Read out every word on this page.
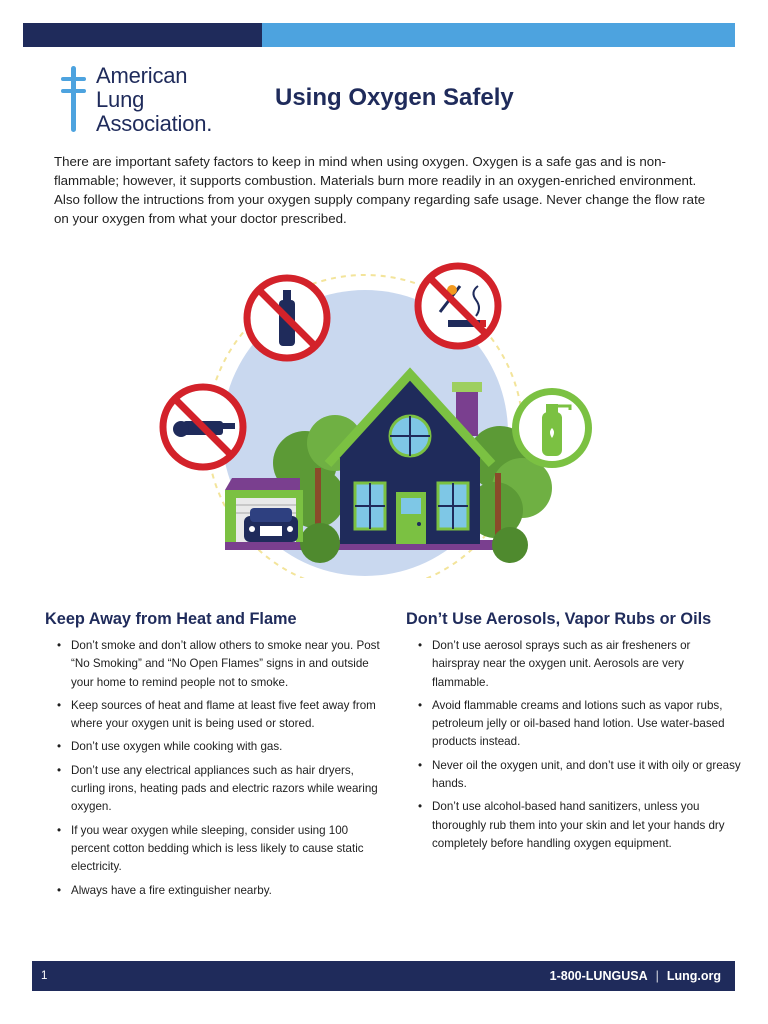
American
Lung
Association.
Using Oxygen Safely

There are important safety factors to keep in mind when using oxygen. Oxygen is a safe gas and is non-flammable; however, it supports combustion. Materials burn more readily in an oxygen-enriched environment. Also follow the intructions from your oxygen supply company regarding safe usage. Never change the flow rate on your oxygen from what your doctor prescribed.

Keep Away from Heat and Flame
• Don’t smoke and don’t allow others to smoke near you. Post “No Smoking” and “No Open Flames” signs in and outside your home to remind people not to smoke.
• Keep sources of heat and flame at least five feet away from where your oxygen unit is being used or stored.
• Don’t use oxygen while cooking with gas.
• Don’t use any electrical appliances such as hair dryers, curling irons, heating pads and electric razors while wearing oxygen.
• If you wear oxygen while sleeping, consider using 100 percent cotton bedding which is less likely to cause static electricity.
• Always have a fire extinguisher nearby.
Don’t Use Aerosols, Vapor Rubs or Oils
• Don’t use aerosol sprays such as air fresheners or hairspray near the oxygen unit. Aerosols are very flammable.
• Avoid flammable creams and lotions such as vapor rubs, petroleum jelly or oil-based hand lotion. Use water-based products instead.
• Never oil the oxygen unit, and don’t use it with oily or greasy hands.
• Don’t use alcohol-based hand sanitizers, unless you thoroughly rub them into your skin and let your hands dry completely before handling oxygen equipment.
1	1-800-LUNGUSA | Lung.org
